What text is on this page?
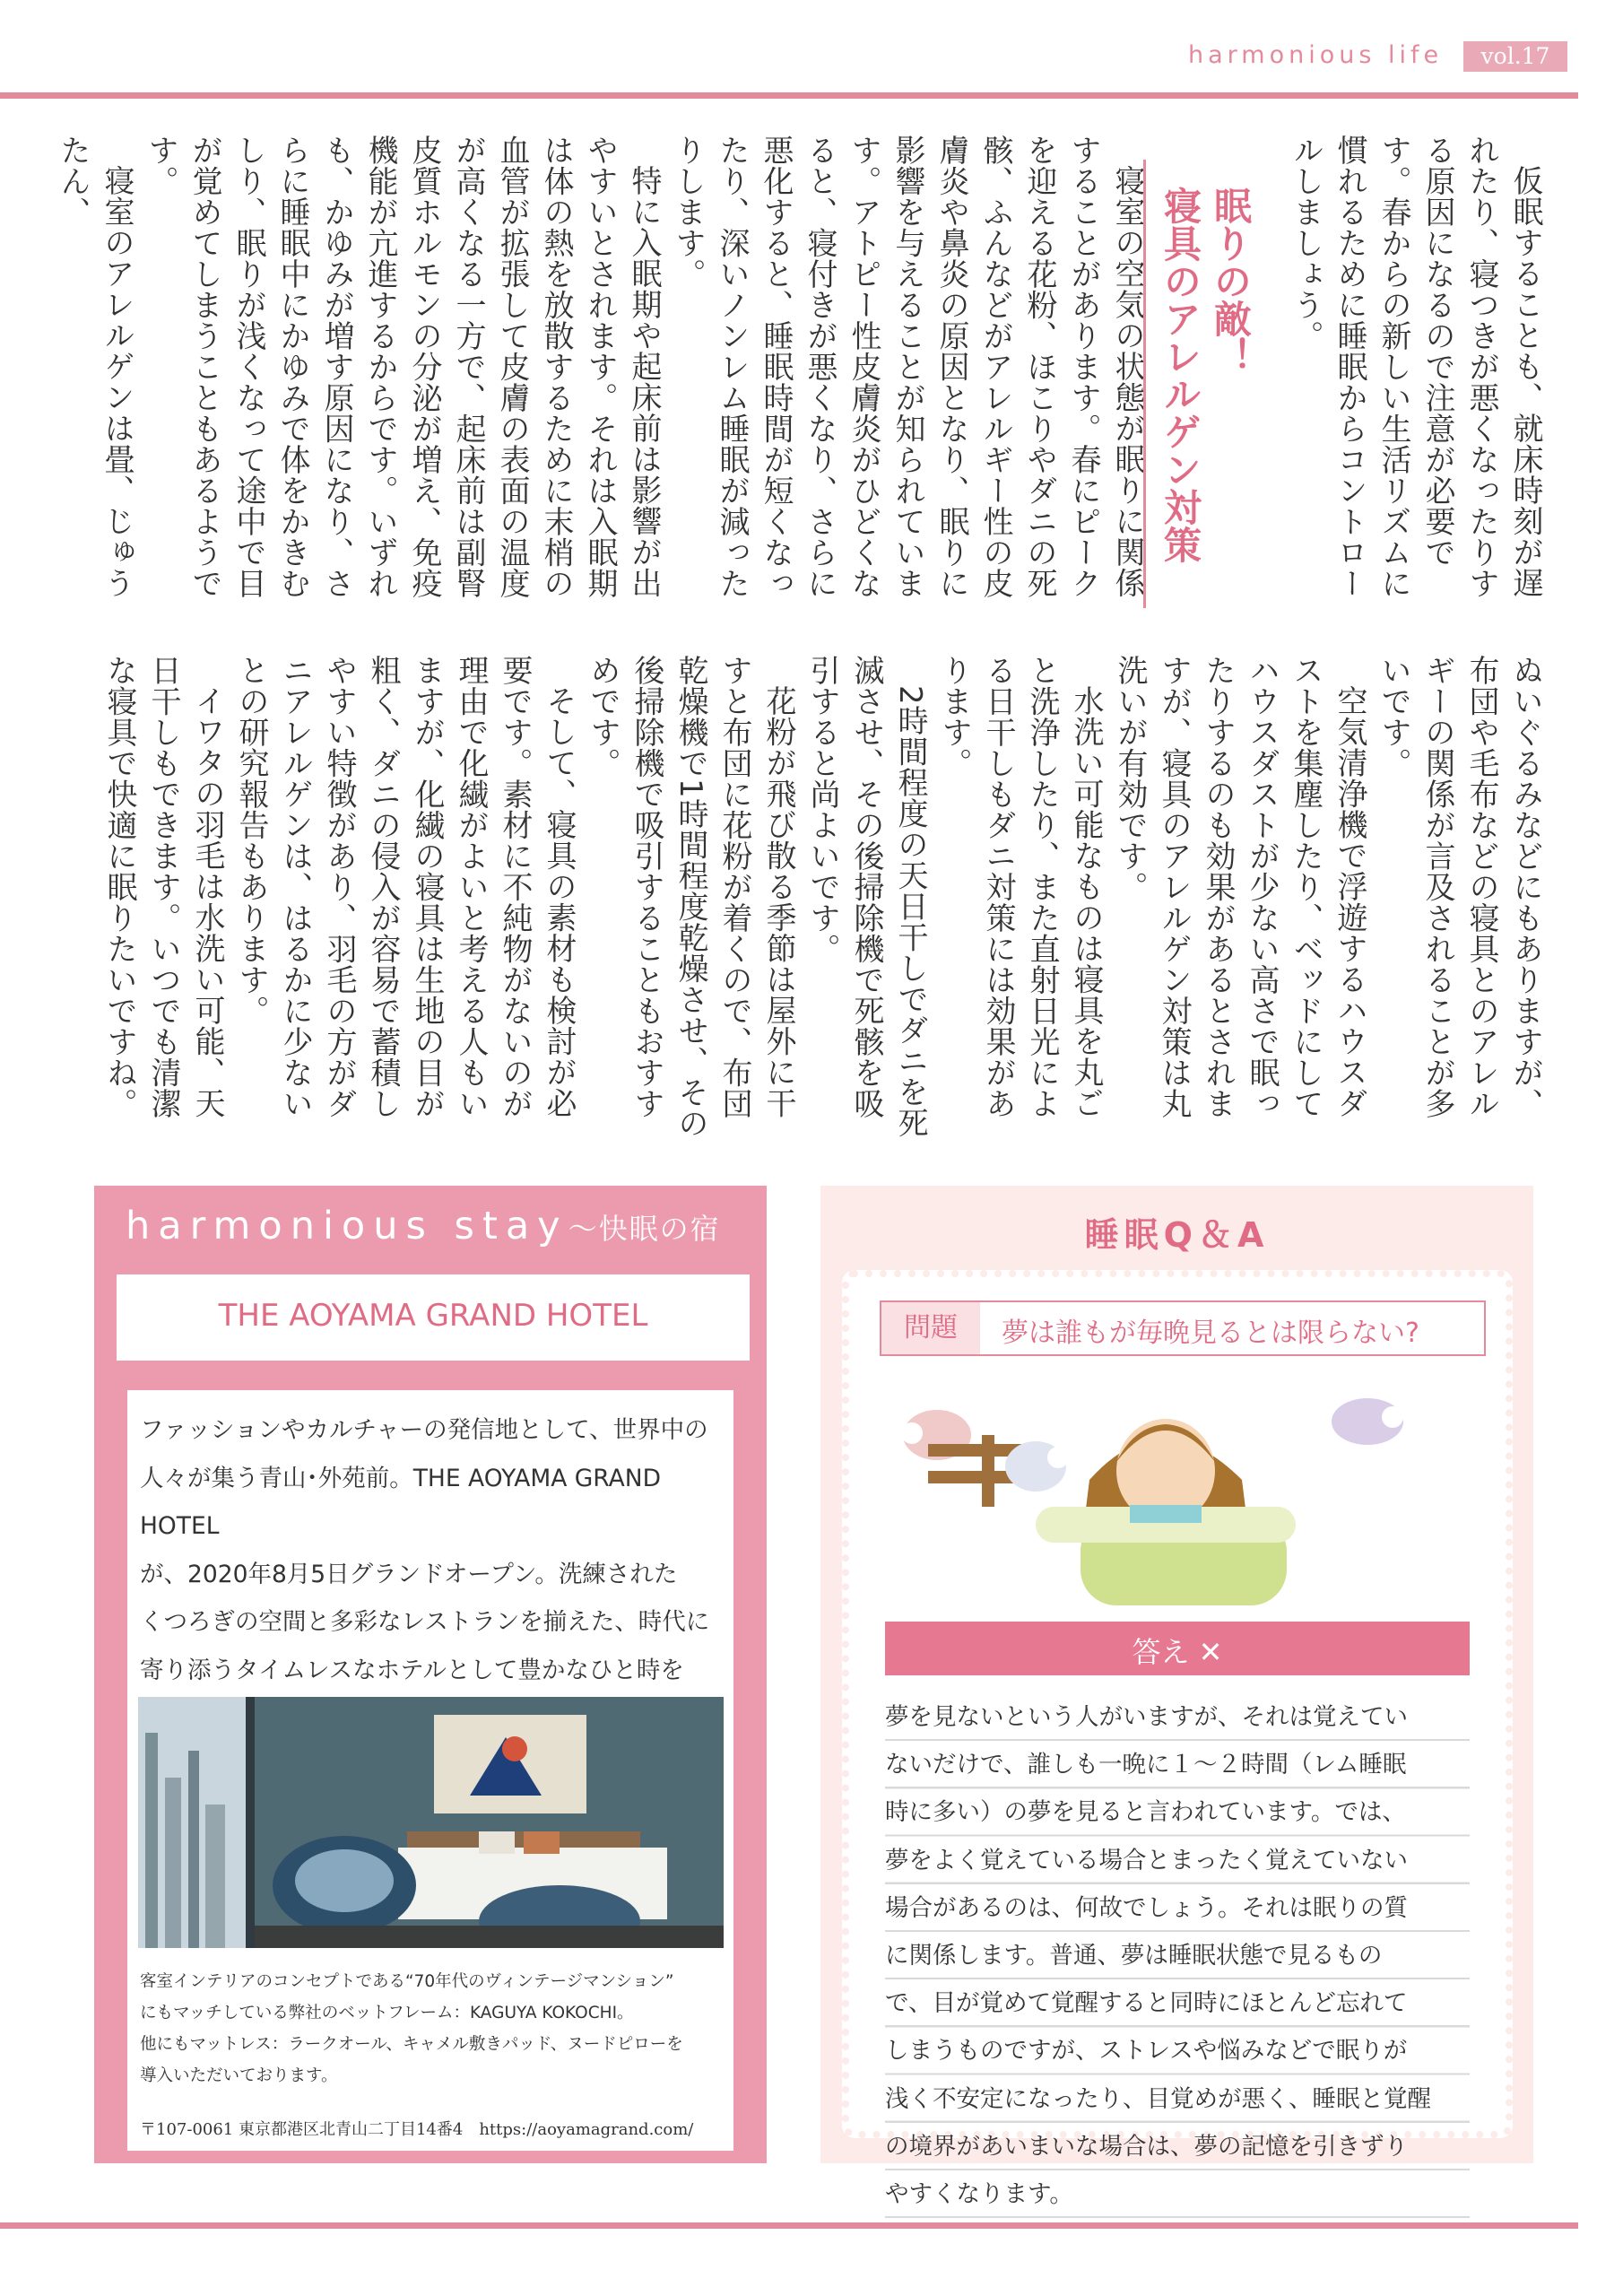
harmonious life	vol.17

仮眠することも、就床時刻が遅れたり、寝つきが悪くなったりする原因になるので注意が必要です。春からの新しい生活リズムに慣れるために睡眠からコントロールしましょう。

寝室の空気の状態が眠りに関係することがあります。春にピークを迎える花粉、ほこりやダニの死骸、ふんなどがアレルギー性の皮膚炎や鼻炎の原因となり、眠りに影響を与えることが知られています。アトピー性皮膚炎がひどくなると、寝付きが悪くなり、さらに悪化すると、睡眠時間が短くなったり、深いノンレム睡眠が減ったりします。

特に入眠期や起床前は影響が出やすいとされます。それは入眠期は体の熱を放散するために末梢の血管が拡張して皮膚の表面の温度が高くなる一方で、起床前は副腎皮質ホルモンの分泌が増え、免疫機能が亢進するからです。いずれも、かゆみが増す原因になり、さらに睡眠中にかゆみで体をかきむしり、眠りが浅くなって途中で目が覚めてしまうこともあるようです。

寝室のアレルゲンは畳、じゅうたん、

眠りの敵！
寝具のアレルゲン対策

ぬいぐるみなどにもありますが、布団や毛布などの寝具とのアレルギーの関係が言及されることが多いです。

空気清浄機で浮遊するハウスダストを集塵したり、ベッドにしてハウスダストが少ない高さで眠ったりするのも効果があるとされますが、寝具のアレルゲン対策は丸洗いが有効です。

水洗い可能なものは寝具を丸ごと洗浄したり、また直射日光による日干しもダニ対策には効果があります。

2時間程度の天日干しでダニを死滅させ、その後掃除機で死骸を吸引すると尚よいです。

花粉が飛び散る季節は屋外に干すと布団に花粉が着くので、布団乾燥機で1時間程度乾燥させ、その後掃除機で吸引することもおすすめです。

そして、寝具の素材も検討が必要です。素材に不純物がないのが理由で化繊がよいと考える人もいますが、化繊の寝具は生地の目が粗く、ダニの侵入が容易で蓄積しやすい特徴があり、羽毛の方がダニアレルゲンは、はるかに少ないとの研究報告もあります。

イワタの羽毛は水洗い可能、天日干しもできます。いつでも清潔な寝具で快適に眠りたいですね。

harmonious stay～快眠の宿
THE AOYAMA GRAND HOTEL
ファッションやカルチャーの発信地として、世界中の
人々が集う青山･外苑前。THE AOYAMA GRAND HOTEL
が、2020年8月5日グランドオープン。洗練された
くつろぎの空間と多彩なレストランを揃えた、時代に
寄り添うタイムレスなホテルとして豊かなひと時を
客室インテリアのコンセプトである“70年代のヴィンテージマンション”
にもマッチしている弊社のベットフレーム：KAGUYA KOKOCHI。
他にもマットレス：ラークオール、キャメル敷きパッド、ヌードピローを
導入いただいております。
〒107-0061 東京都港区北青山二丁目14番4　https://aoyamagrand.com/
睡眠Q＆A
問題	夢は誰もが毎晩見るとは限らない?
答え ✕
夢を見ないという人がいますが、それは覚えてい
ないだけで、誰しも一晩に１～２時間（レム睡眠
時に多い）の夢を見ると言われています。では、
夢をよく覚えている場合とまったく覚えていない
場合があるのは、何故でしょう。それは眠りの質
に関係します。普通、夢は睡眠状態で見るもの
で、目が覚めて覚醒すると同時にほとんど忘れて
しまうものですが、ストレスや悩みなどで眠りが
浅く不安定になったり、目覚めが悪く、睡眠と覚醒
の境界があいまいな場合は、夢の記憶を引きずり
やすくなります。
